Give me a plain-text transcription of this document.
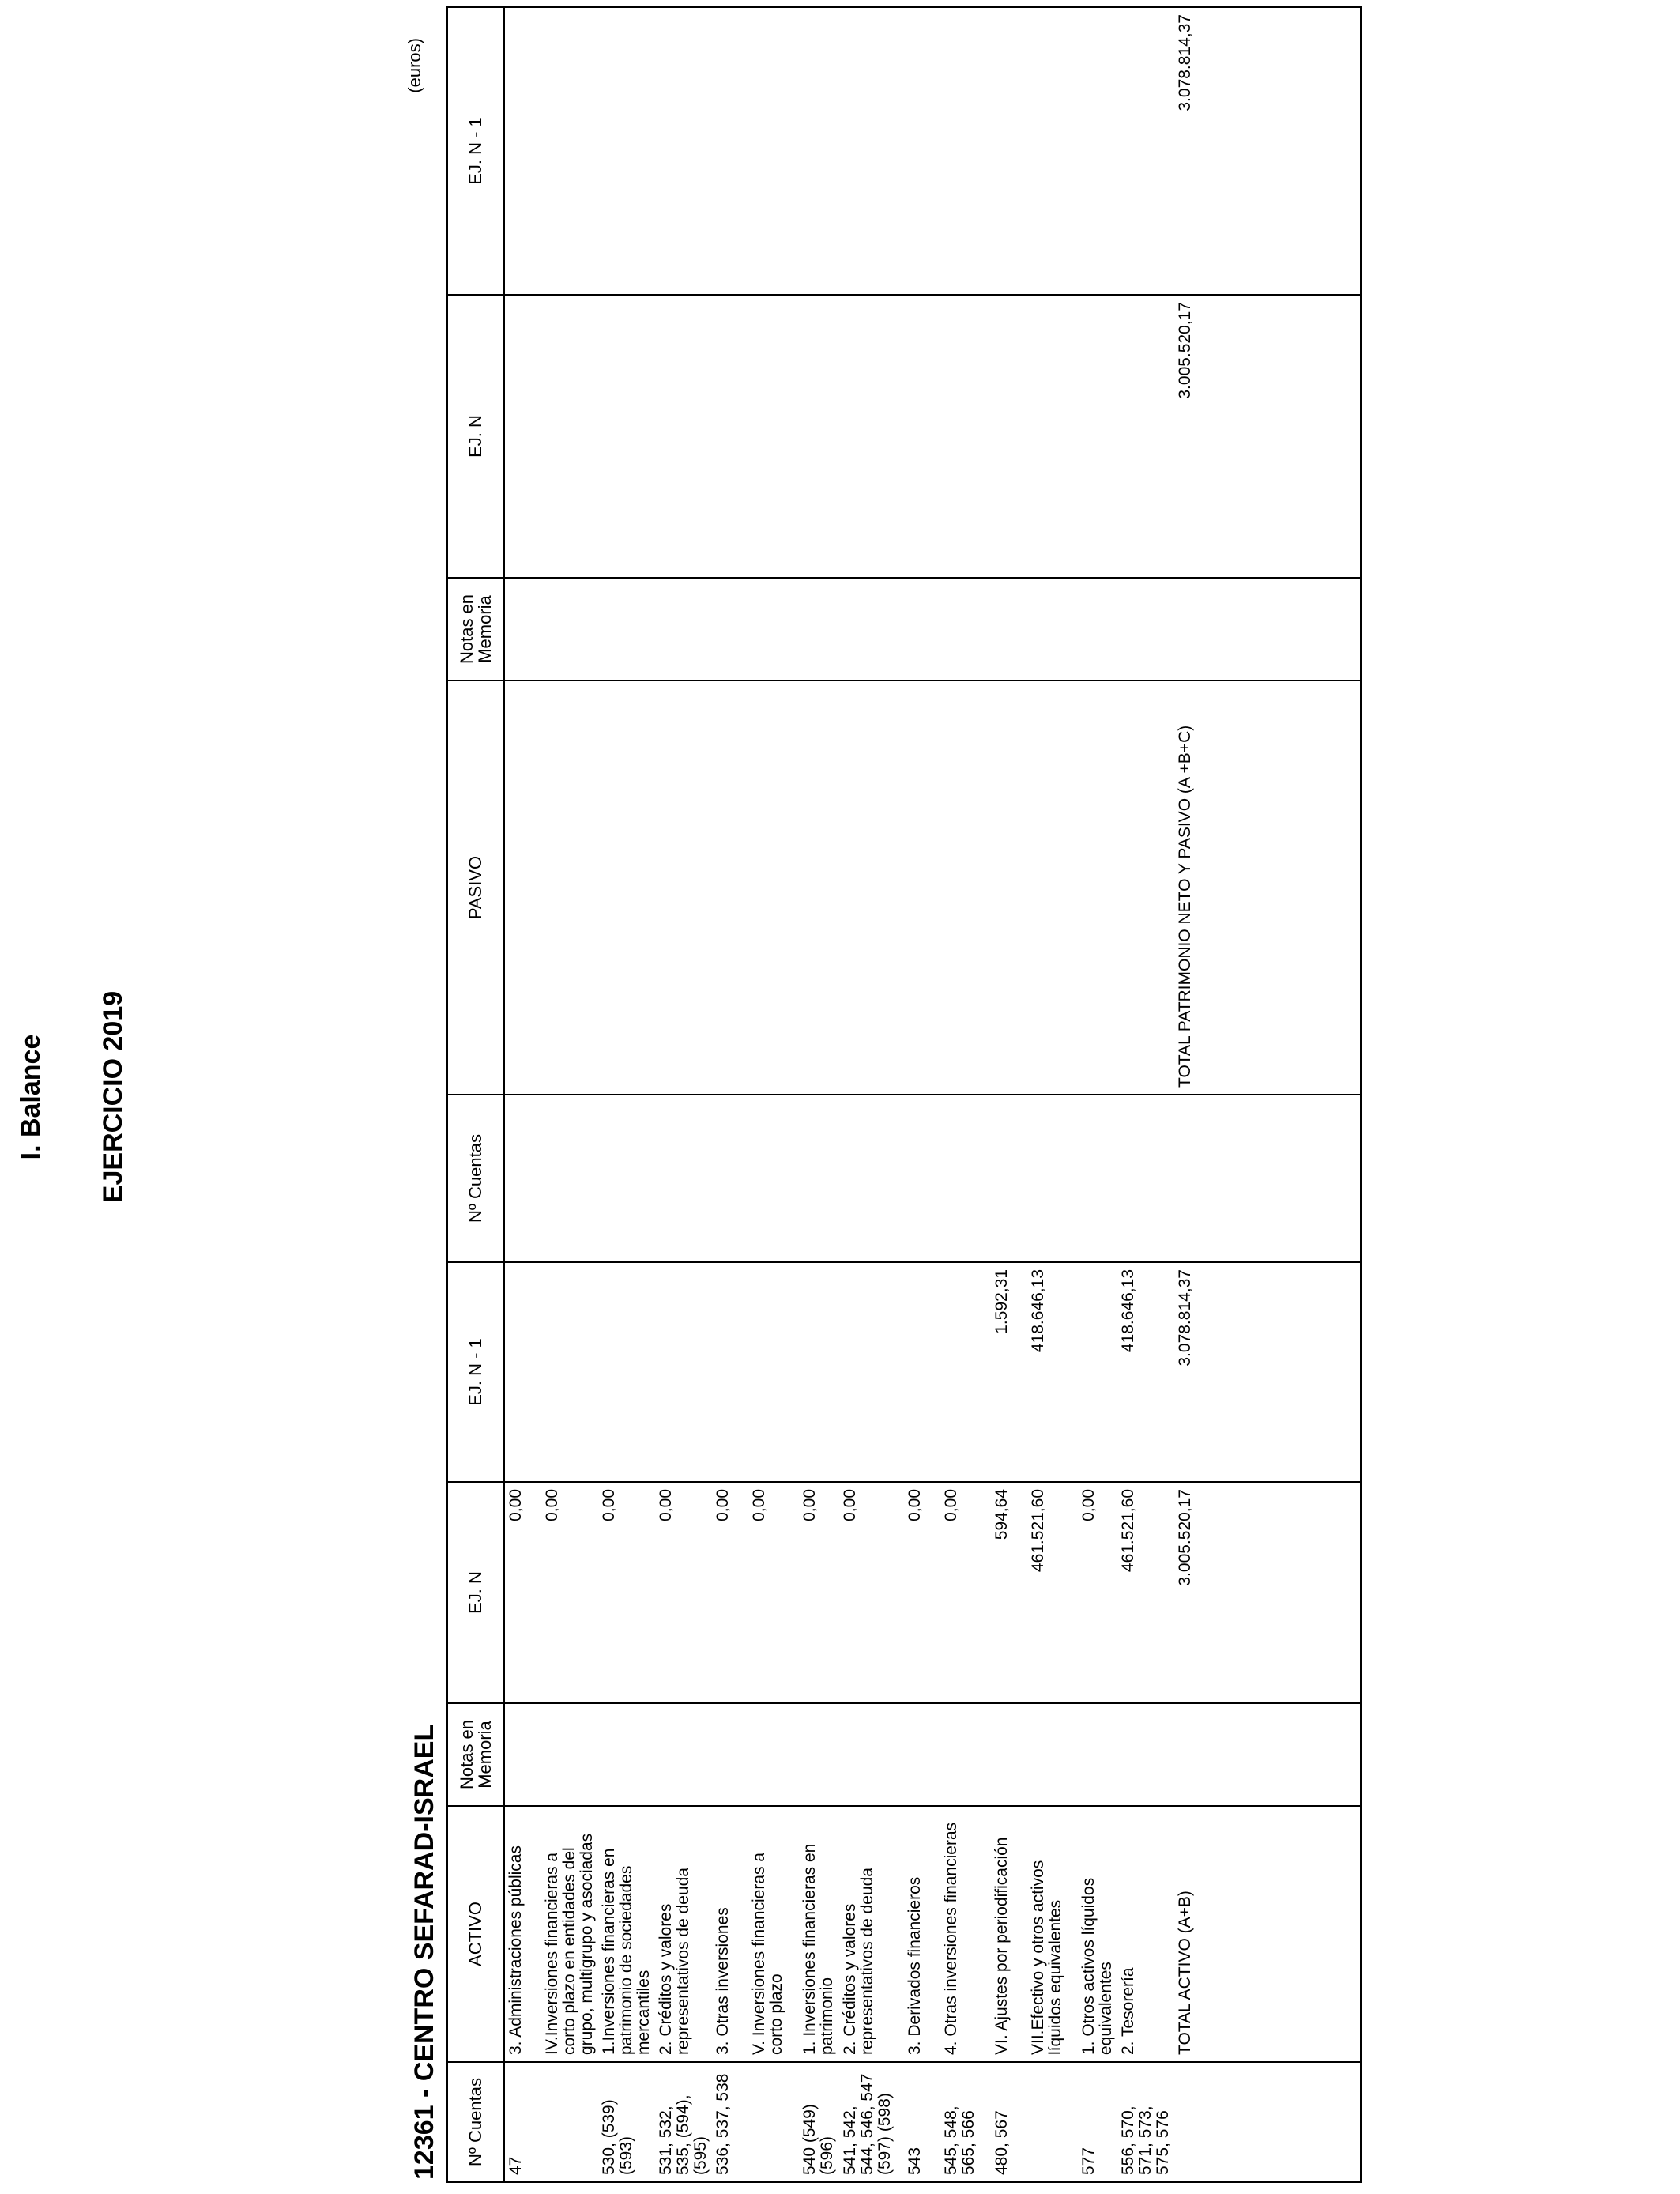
I. Balance EJERCICIO 2019
12361 - CENTRO SEFARAD-ISRAEL
(euros)
Nº Cuentas	ACTIVO	Notas en Memoria	EJ. N	EJ. N - 1	Nº Cuentas	PASIVO	Notas en Memoria	EJ. N	EJ. N - 1
47	3. Administraciones públicas		0,00						
	IV.Inversiones financieras a corto plazo en entidades del grupo, multigrupo y asociadas		0,00						
530, (539) (593)	1.Inversiones financieras en patrimonio de sociedades mercantiles		0,00						
531, 532, 535, (594), (595)	2. Créditos y valores representativos de deuda		0,00						
536, 537, 538	3. Otras inversiones		0,00						
	V. Inversiones financieras a corto plazo		0,00						
540 (549) (596)	1. Inversiones financieras en patrimonio		0,00						
541, 542, 544, 546, 547 (597) (598)	2. Créditos y valores representativos de deuda		0,00						
543	3. Derivados financieros		0,00						
545, 548, 565, 566	4. Otras inversiones financieras		0,00						
480, 567	VI. Ajustes por periodificación		594,64	1.592,31					
	VII.Efectivo y otros activos líquidos equivalentes		461.521,60	418.646,13					
577	1. Otros activos líquidos equivalentes		0,00						
556, 570, 571, 573, 575, 576	2. Tesorería		461.521,60	418.646,13					
	TOTAL ACTIVO (A+B)		3.005.520,17	3.078.814,37		TOTAL PATRIMONIO NETO Y PASIVO (A +B+C)		3.005.520,17	3.078.814,37
